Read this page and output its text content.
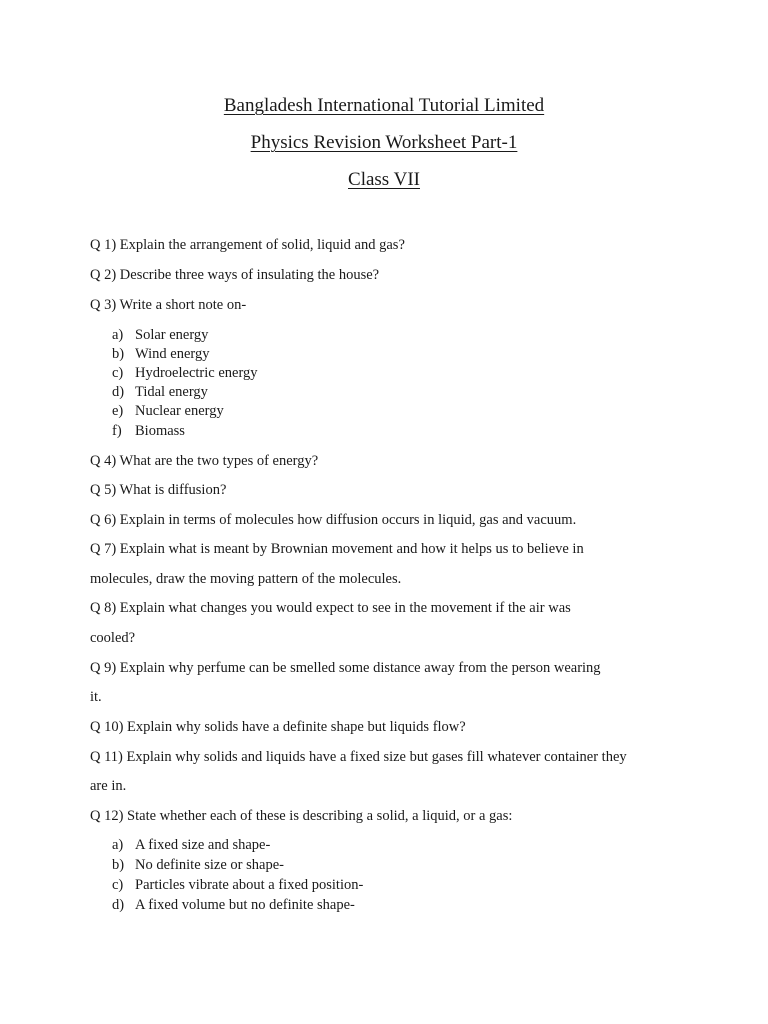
Bangladesh International Tutorial Limited
Physics Revision Worksheet Part-1
Class VII
Q 1) Explain the arrangement of solid, liquid and gas?
Q 2) Describe three ways of insulating the house?
Q 3) Write a short note on-
a) Solar energy
b) Wind energy
c) Hydroelectric energy
d) Tidal energy
e) Nuclear energy
f) Biomass
Q 4) What are the two types of energy?
Q 5) What is diffusion?
Q 6) Explain in terms of molecules how diffusion occurs in liquid, gas and vacuum.
Q 7) Explain what is meant by Brownian movement and how it helps us to believe in
molecules, draw the moving pattern of the molecules.
Q 8) Explain what changes you would expect to see in the movement if the air was
cooled?
Q 9) Explain why perfume can be smelled some distance away from the person wearing
it.
Q 10) Explain why solids have a definite shape but liquids flow?
Q 11) Explain why solids and liquids have a fixed size but gases fill whatever container they
are in.
Q 12) State whether each of these is describing a solid, a liquid, or a gas:
a) A fixed size and shape-
b) No definite size or shape-
c) Particles vibrate about a fixed position-
d) A fixed volume but no definite shape-
